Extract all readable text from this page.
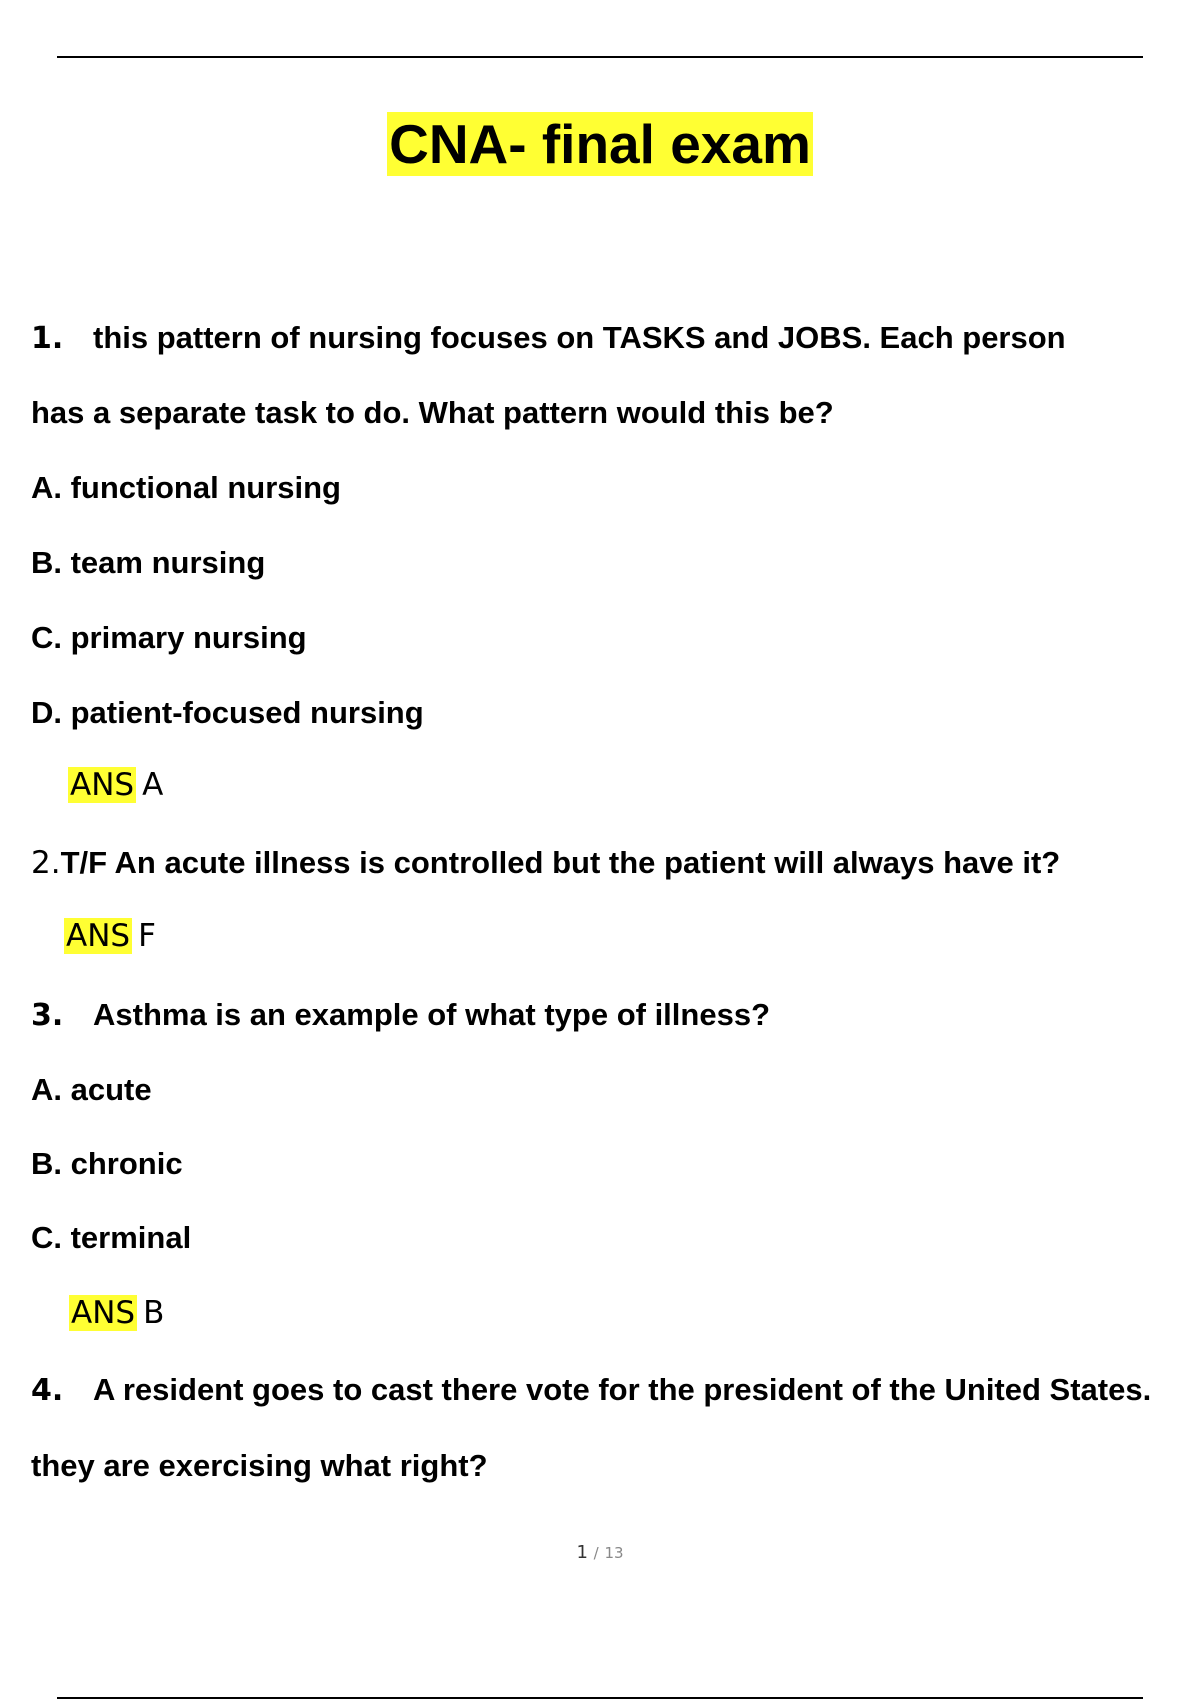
CNA- final exam
1. this pattern of nursing focuses on TASKS and JOBS. Each person
has a separate task to do. What pattern would this be?
A. functional nursing
B. team nursing
C. primary nursing
D. patient-focused nursing
ANS A
2.T/F An acute illness is controlled but the patient will always have it?
ANS F
3. Asthma is an example of what type of illness?
A. acute
B. chronic
C. terminal
ANS B
4. A resident goes to cast there vote for the president of the United States.
they are exercising what right?
1 / 13
